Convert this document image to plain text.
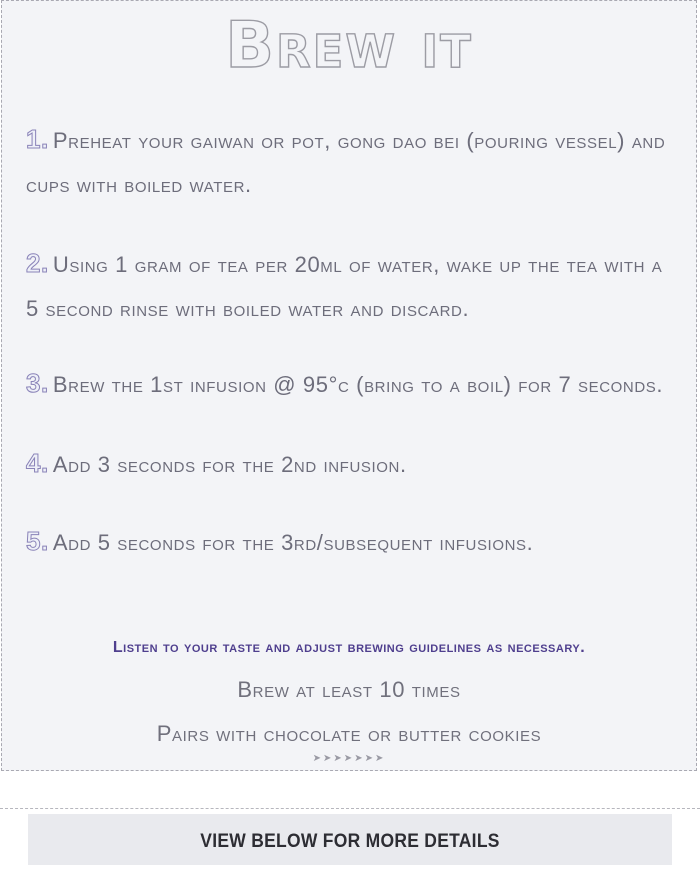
Brew it
1. Preheat your gaiwan or pot, gong dao bei (pouring vessel) and cups with boiled water.
2. Using 1 gram of tea per 20ml of water, wake up the tea with a 5 second rinse with boiled water and discard.
3. Brew the 1st infusion @ 95°c (bring to a boil) for 7 seconds.
4. Add 3 seconds for the 2nd infusion.
5. Add 5 seconds for the 3rd/subsequent infusions.
Listen to your taste and adjust brewing guidelines as necessary.
Brew at least 10 times
Pairs with chocolate or butter cookies
➤➤➤➤➤➤➤
VIEW BELOW FOR MORE DETAILS
